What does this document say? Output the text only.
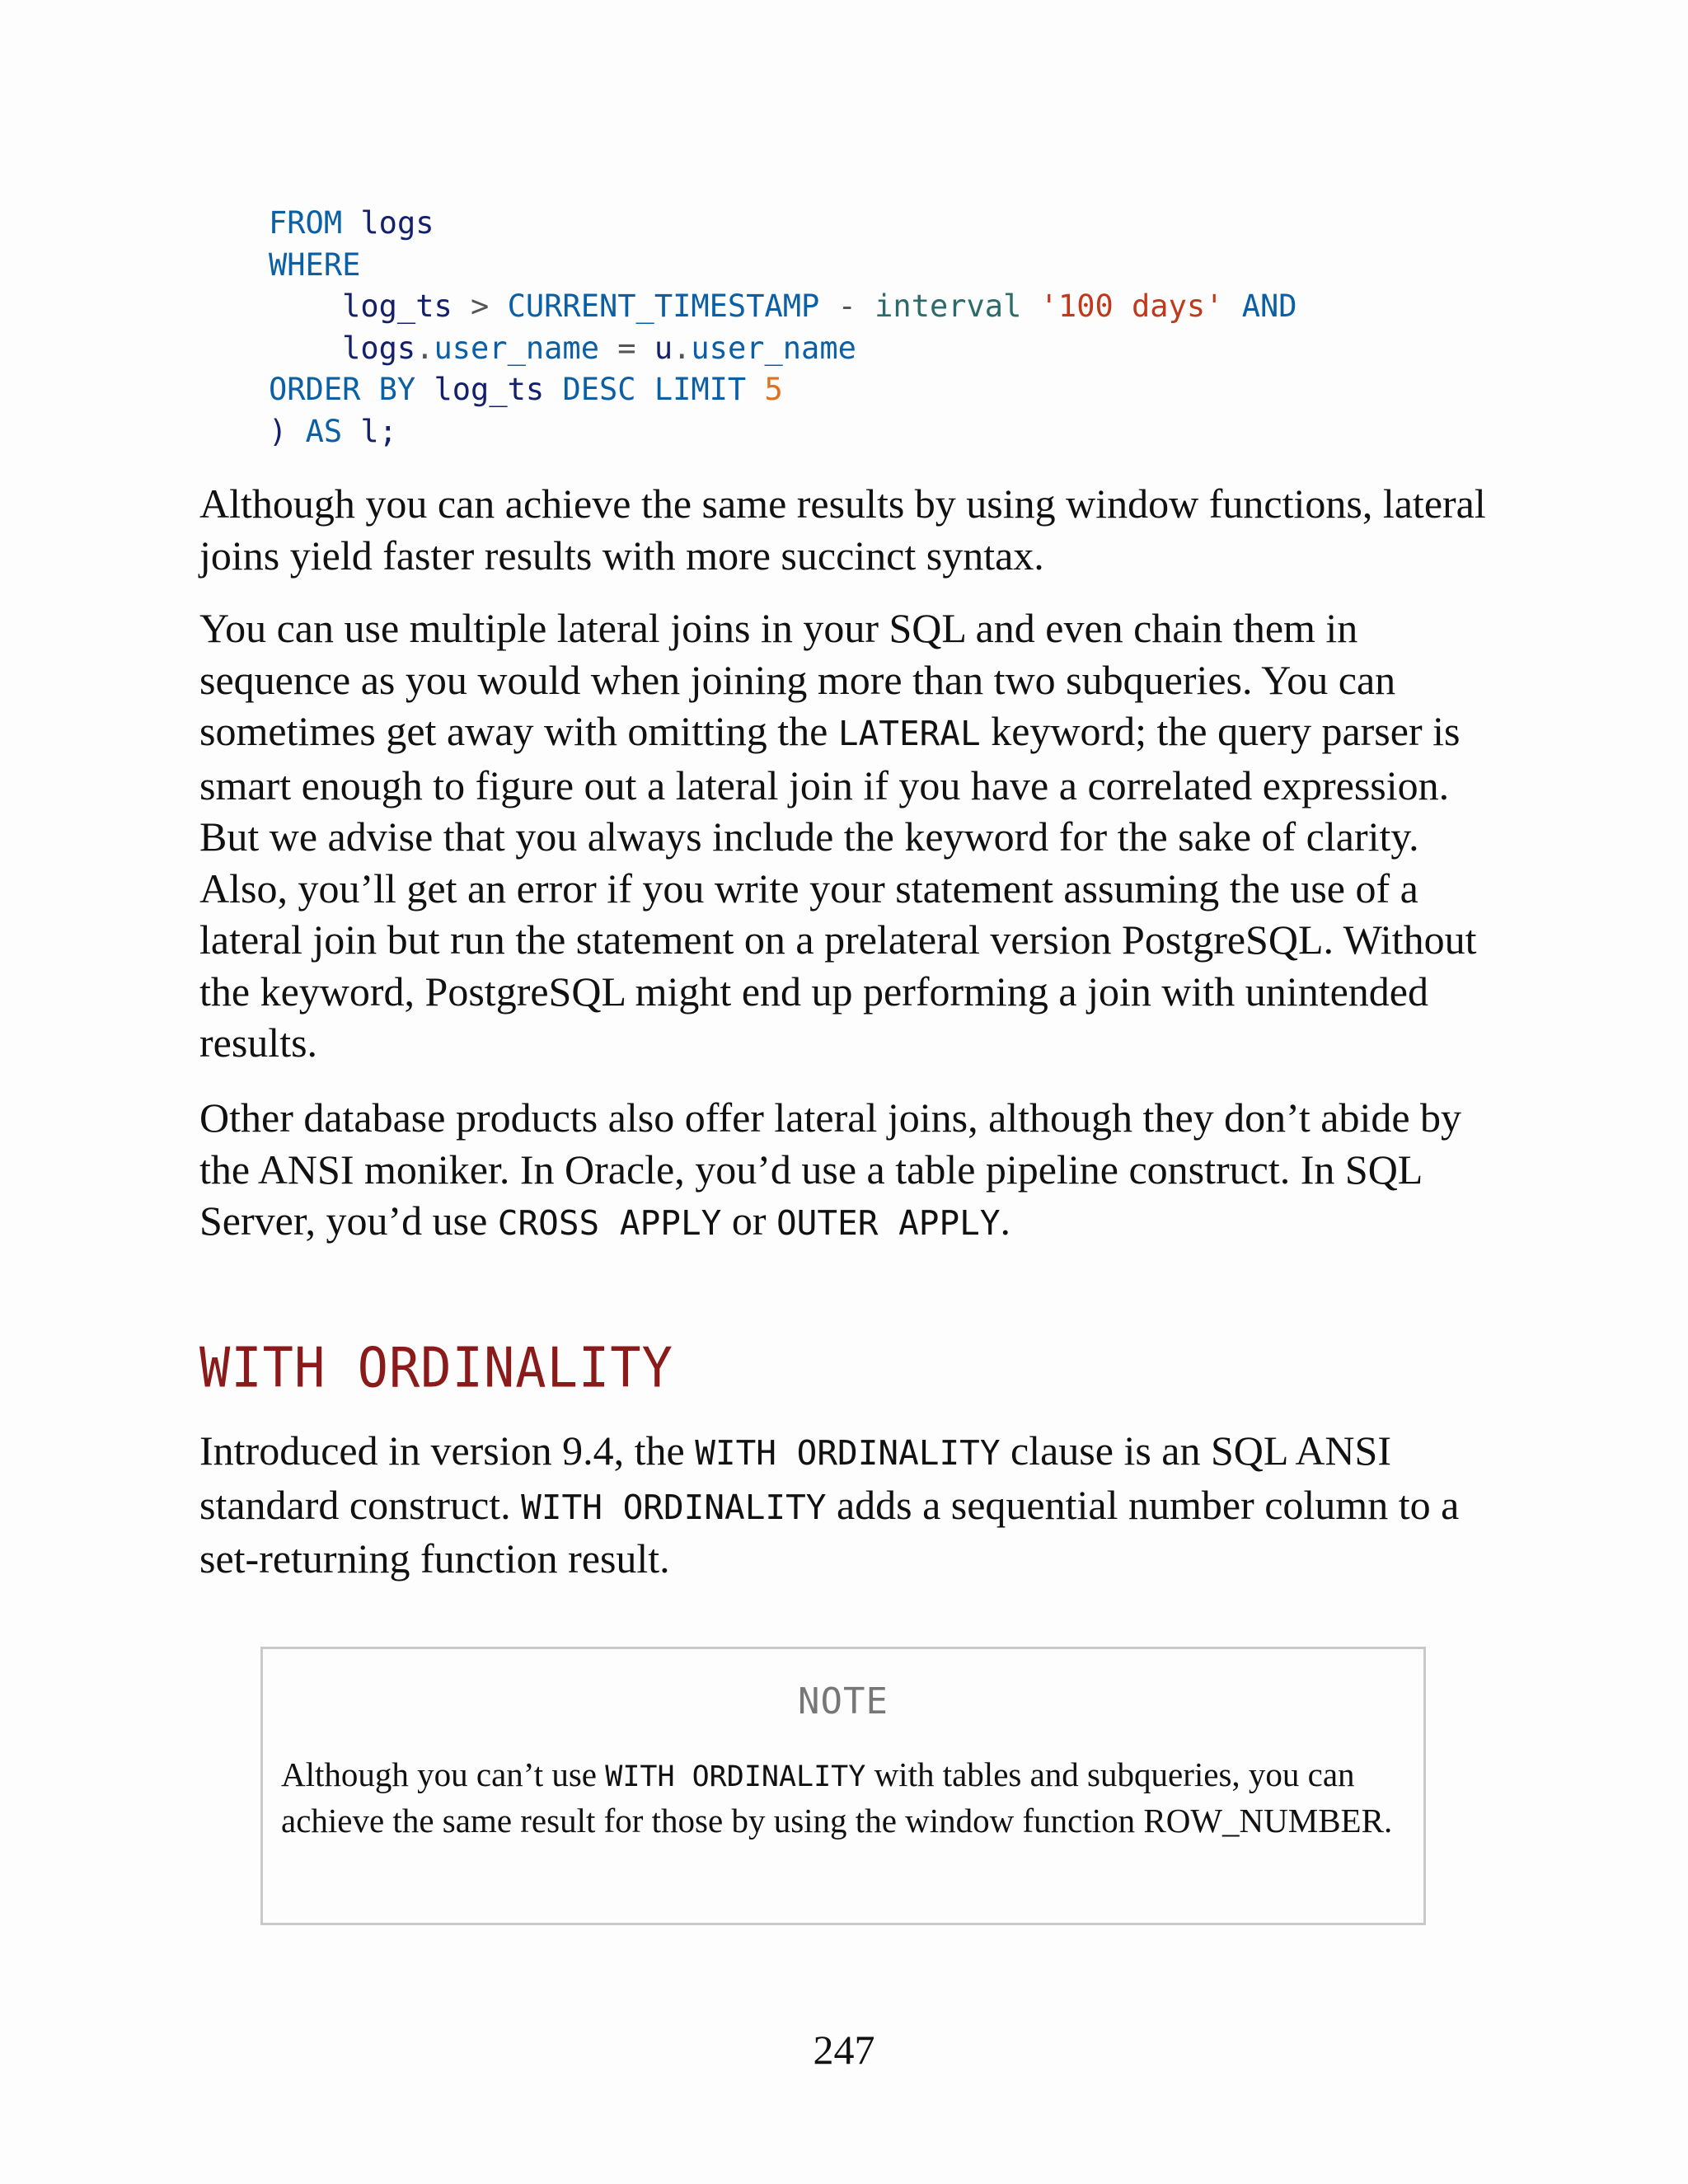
FROM logs
WHERE
log_ts > CURRENT_TIMESTAMP - interval '100 days' AND
logs.user_name = u.user_name
ORDER BY log_ts DESC LIMIT 5
) AS l;
Although you can achieve the same results by using window functions, lateral joins yield faster results with more succinct syntax.
You can use multiple lateral joins in your SQL and even chain them in sequence as you would when joining more than two subqueries. You can sometimes get away with omitting the LATERAL keyword; the query parser is smart enough to figure out a lateral join if you have a correlated expression. But we advise that you always include the keyword for the sake of clarity. Also, you’ll get an error if you write your statement assuming the use of a lateral join but run the statement on a prelateral version PostgreSQL. Without the keyword, PostgreSQL might end up performing a join with unintended results.
Other database products also offer lateral joins, although they don’t abide by the ANSI moniker. In Oracle, you’d use a table pipeline construct. In SQL Server, you’d use CROSS APPLY or OUTER APPLY.
WITH ORDINALITY
Introduced in version 9.4, the WITH ORDINALITY clause is an SQL ANSI standard construct. WITH ORDINALITY adds a sequential number column to a set-returning function result.
NOTE
Although you can’t use WITH ORDINALITY with tables and subqueries, you can achieve the same result for those by using the window function ROW_NUMBER.
247
